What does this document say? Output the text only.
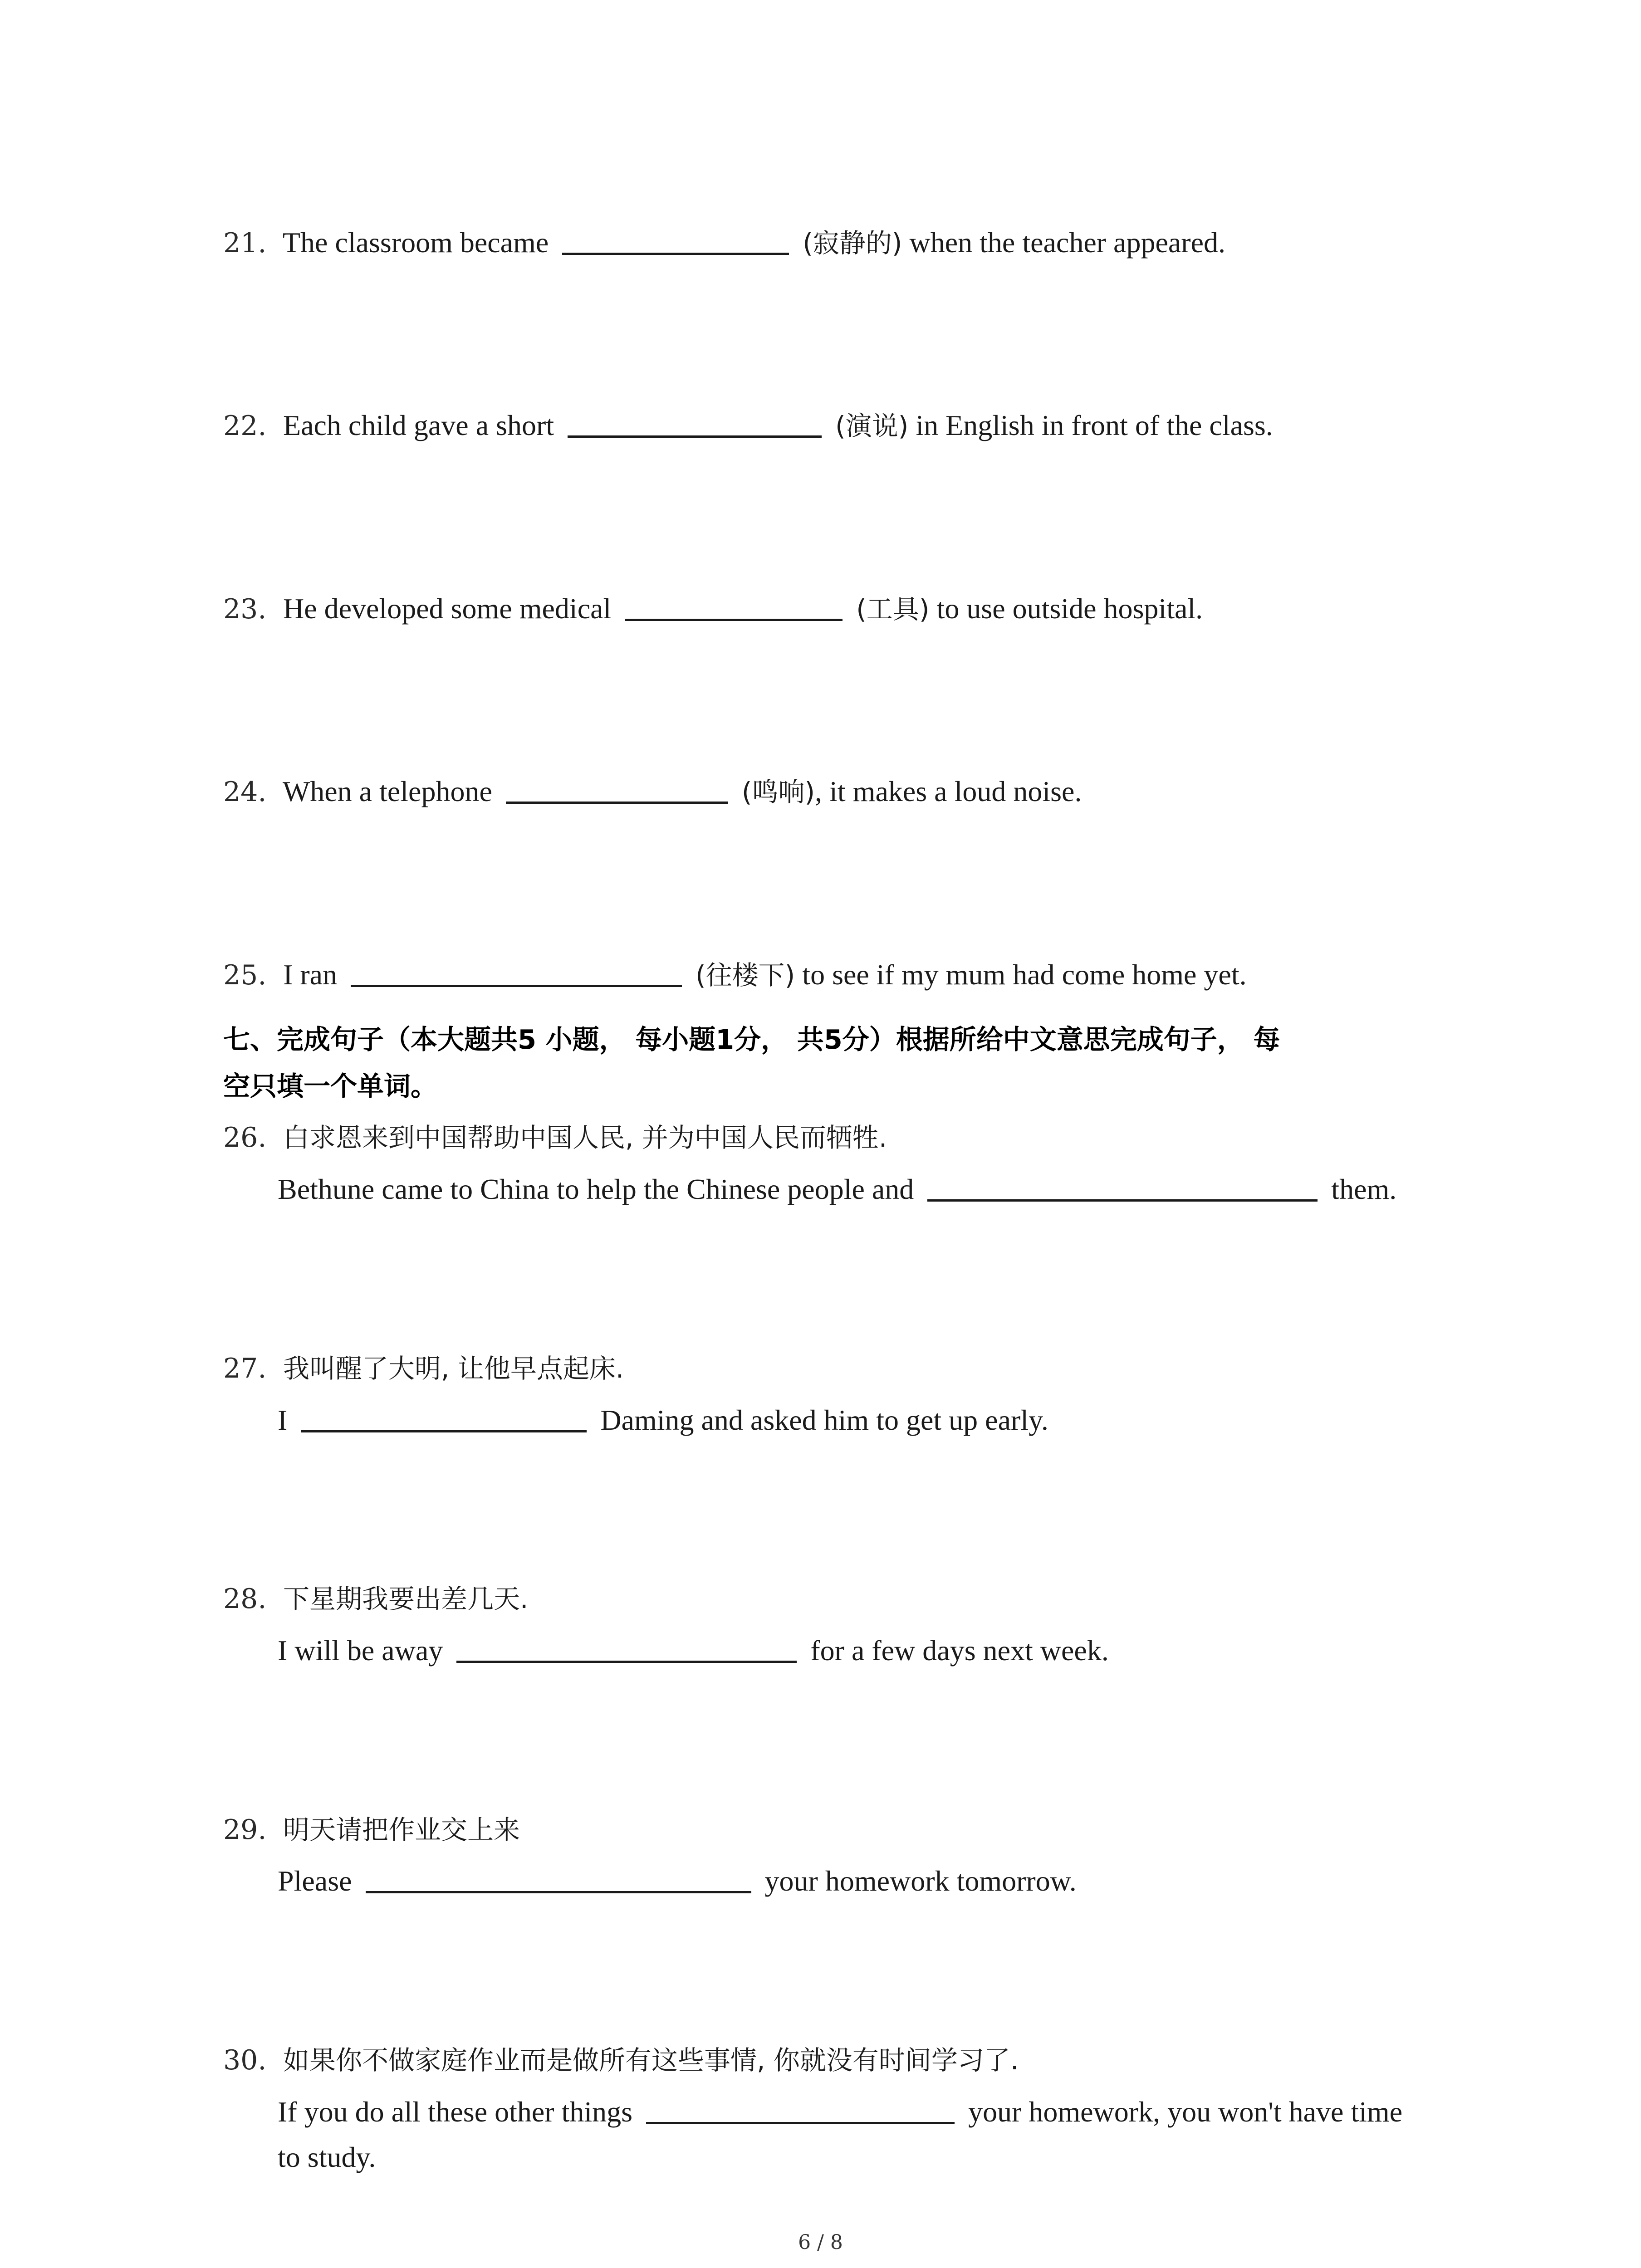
21. The classroom became	(寂静的) when the teacher appeared.
22. Each child gave a short	(演说) in English in front of the class.
23. He developed some medical	(工具) to use outside hospital.
24. When a telephone	(鸣响), it makes a loud noise.
25. I ran	(往楼下) to see if my mum had come home yet.
七、完成句子（本大题共5 小题， 每小题1分， 共5分）根据所给中文意思完成句子， 每
空只填一个单词。
26. 白求恩来到中国帮助中国人民, 并为中国人民而牺牲.
Bethune came to China to help the Chinese people and	them.
27. 我叫醒了大明, 让他早点起床.
I	Daming and asked him to get up early.
28. 下星期我要出差几天.
I will be away	for a few days next week.
29. 明天请把作业交上来
Please	your homework tomorrow.
30. 如果你不做家庭作业而是做所有这些事情, 你就没有时间学习了.
If you do all these other things	your homework, you won't have time
to study.
6 / 8
